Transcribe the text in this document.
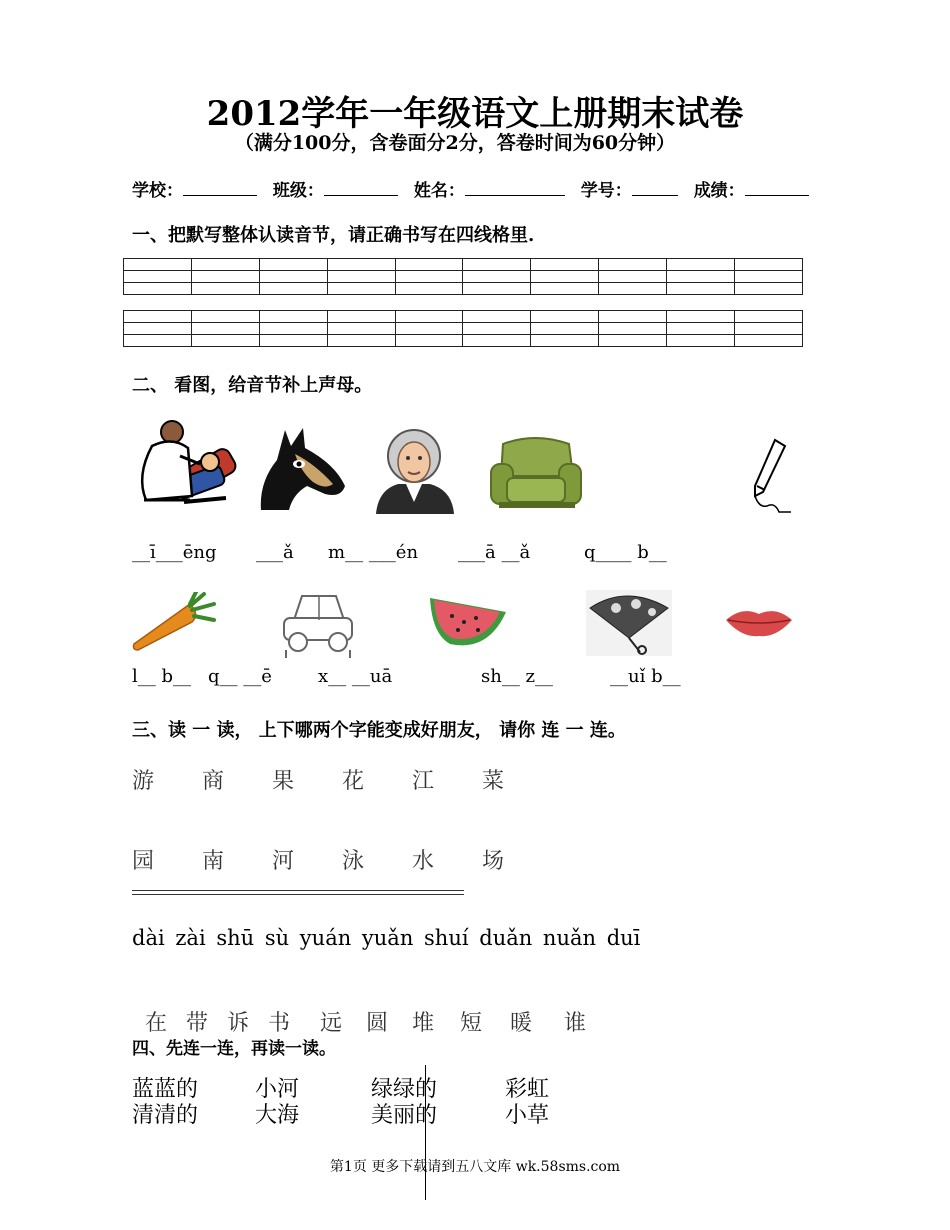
2012学年一年级语文上册期末试卷
（满分100分，含卷面分2分，答卷时间为60分钟）
学校：	班级：	姓名：	学号：	成绩：
一、把默写整体认读音节，请正确书写在四线格里.

二、 看图，给音节补上声母。
__ī___ēng ___ǎ m__ ___én ___ā __ǎ	q____ b__
l__ b__ q__ __ē	x__ __uā	sh__ z__	__uǐ b__
三、读 一 读， 上下哪两个字能变成好朋友， 请你 连 一 连。
游 商 果 花 江 菜
园 南 河 泳 水 场
dài zài shū sù yuán yuǎn shuí duǎn nuǎn duī
在 带 诉 书 远 圆 堆 短 暖 谁
四、先连一连，再读一读。
蓝蓝的	小河	绿绿的	彩虹
清清的	大海	美丽的	小草
第1页 更多下载请到五八文库 wk.58sms.com
